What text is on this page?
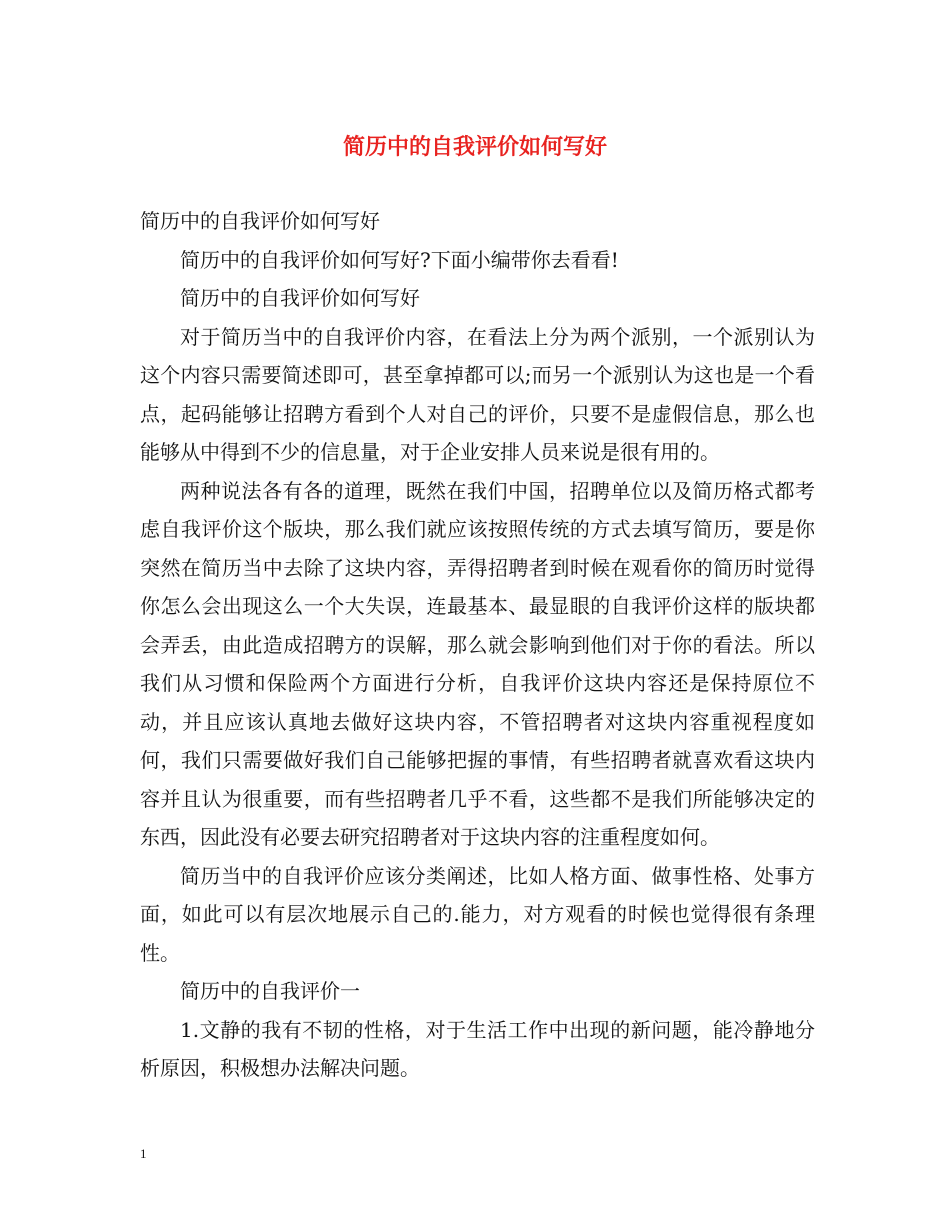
简历中的自我评价如何写好

简历中的自我评价如何写好

简历中的自我评价如何写好?下面小编带你去看看!

简历中的自我评价如何写好

对于简历当中的自我评价内容，在看法上分为两个派别，一个派别认为这个内容只需要简述即可，甚至拿掉都可以;而另一个派别认为这也是一个看点，起码能够让招聘方看到个人对自己的评价，只要不是虚假信息，那么也能够从中得到不少的信息量，对于企业安排人员来说是很有用的。

两种说法各有各的道理，既然在我们中国，招聘单位以及简历格式都考虑自我评价这个版块，那么我们就应该按照传统的方式去填写简历，要是你突然在简历当中去除了这块内容，弄得招聘者到时候在观看你的简历时觉得你怎么会出现这么一个大失误，连最基本、最显眼的自我评价这样的版块都会弄丢，由此造成招聘方的误解，那么就会影响到他们对于你的看法。所以我们从习惯和保险两个方面进行分析，自我评价这块内容还是保持原位不动，并且应该认真地去做好这块内容，不管招聘者对这块内容重视程度如何，我们只需要做好我们自己能够把握的事情，有些招聘者就喜欢看这块内容并且认为很重要，而有些招聘者几乎不看，这些都不是我们所能够决定的东西，因此没有必要去研究招聘者对于这块内容的注重程度如何。

简历当中的自我评价应该分类阐述，比如人格方面、做事性格、处事方面，如此可以有层次地展示自己的.能力，对方观看的时候也觉得很有条理性。

简历中的自我评价一

1.文静的我有不韧的性格，对于生活工作中出现的新问题，能冷静地分析原因，积极想办法解决问题。

1
